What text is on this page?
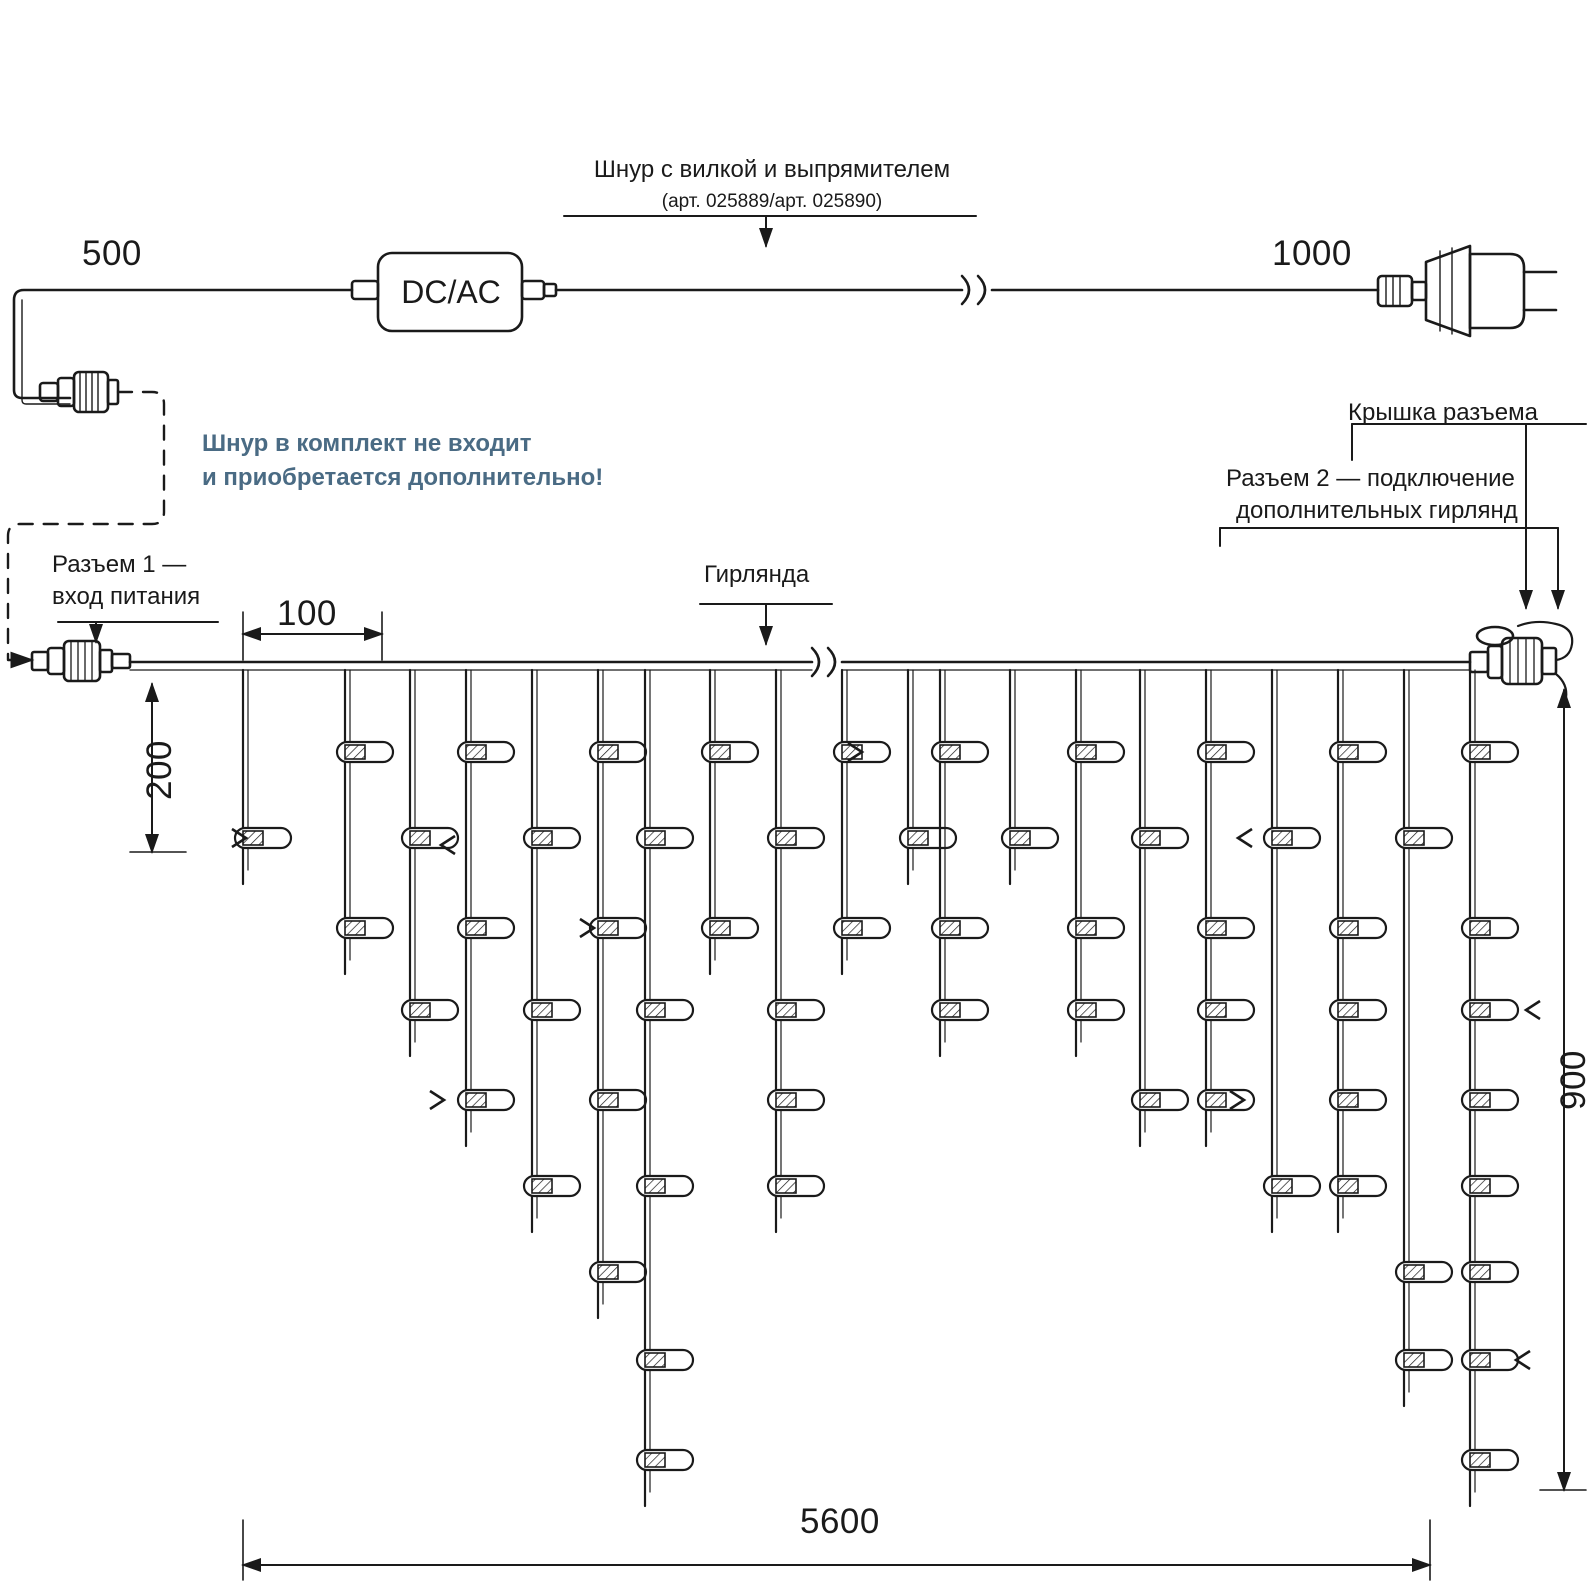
500	1000
100
200
900
5600
Шнур с вилкой и выпрямителем
(арт. 025889/арт. 025890)
DC/AC
Шнур в комплект не входит
и приобретается дополнительно!
Разъем 1 —
вход питания
Гирлянда
Крышка разъема
Разъем 2 — подключение
дополнительных гирлянд
